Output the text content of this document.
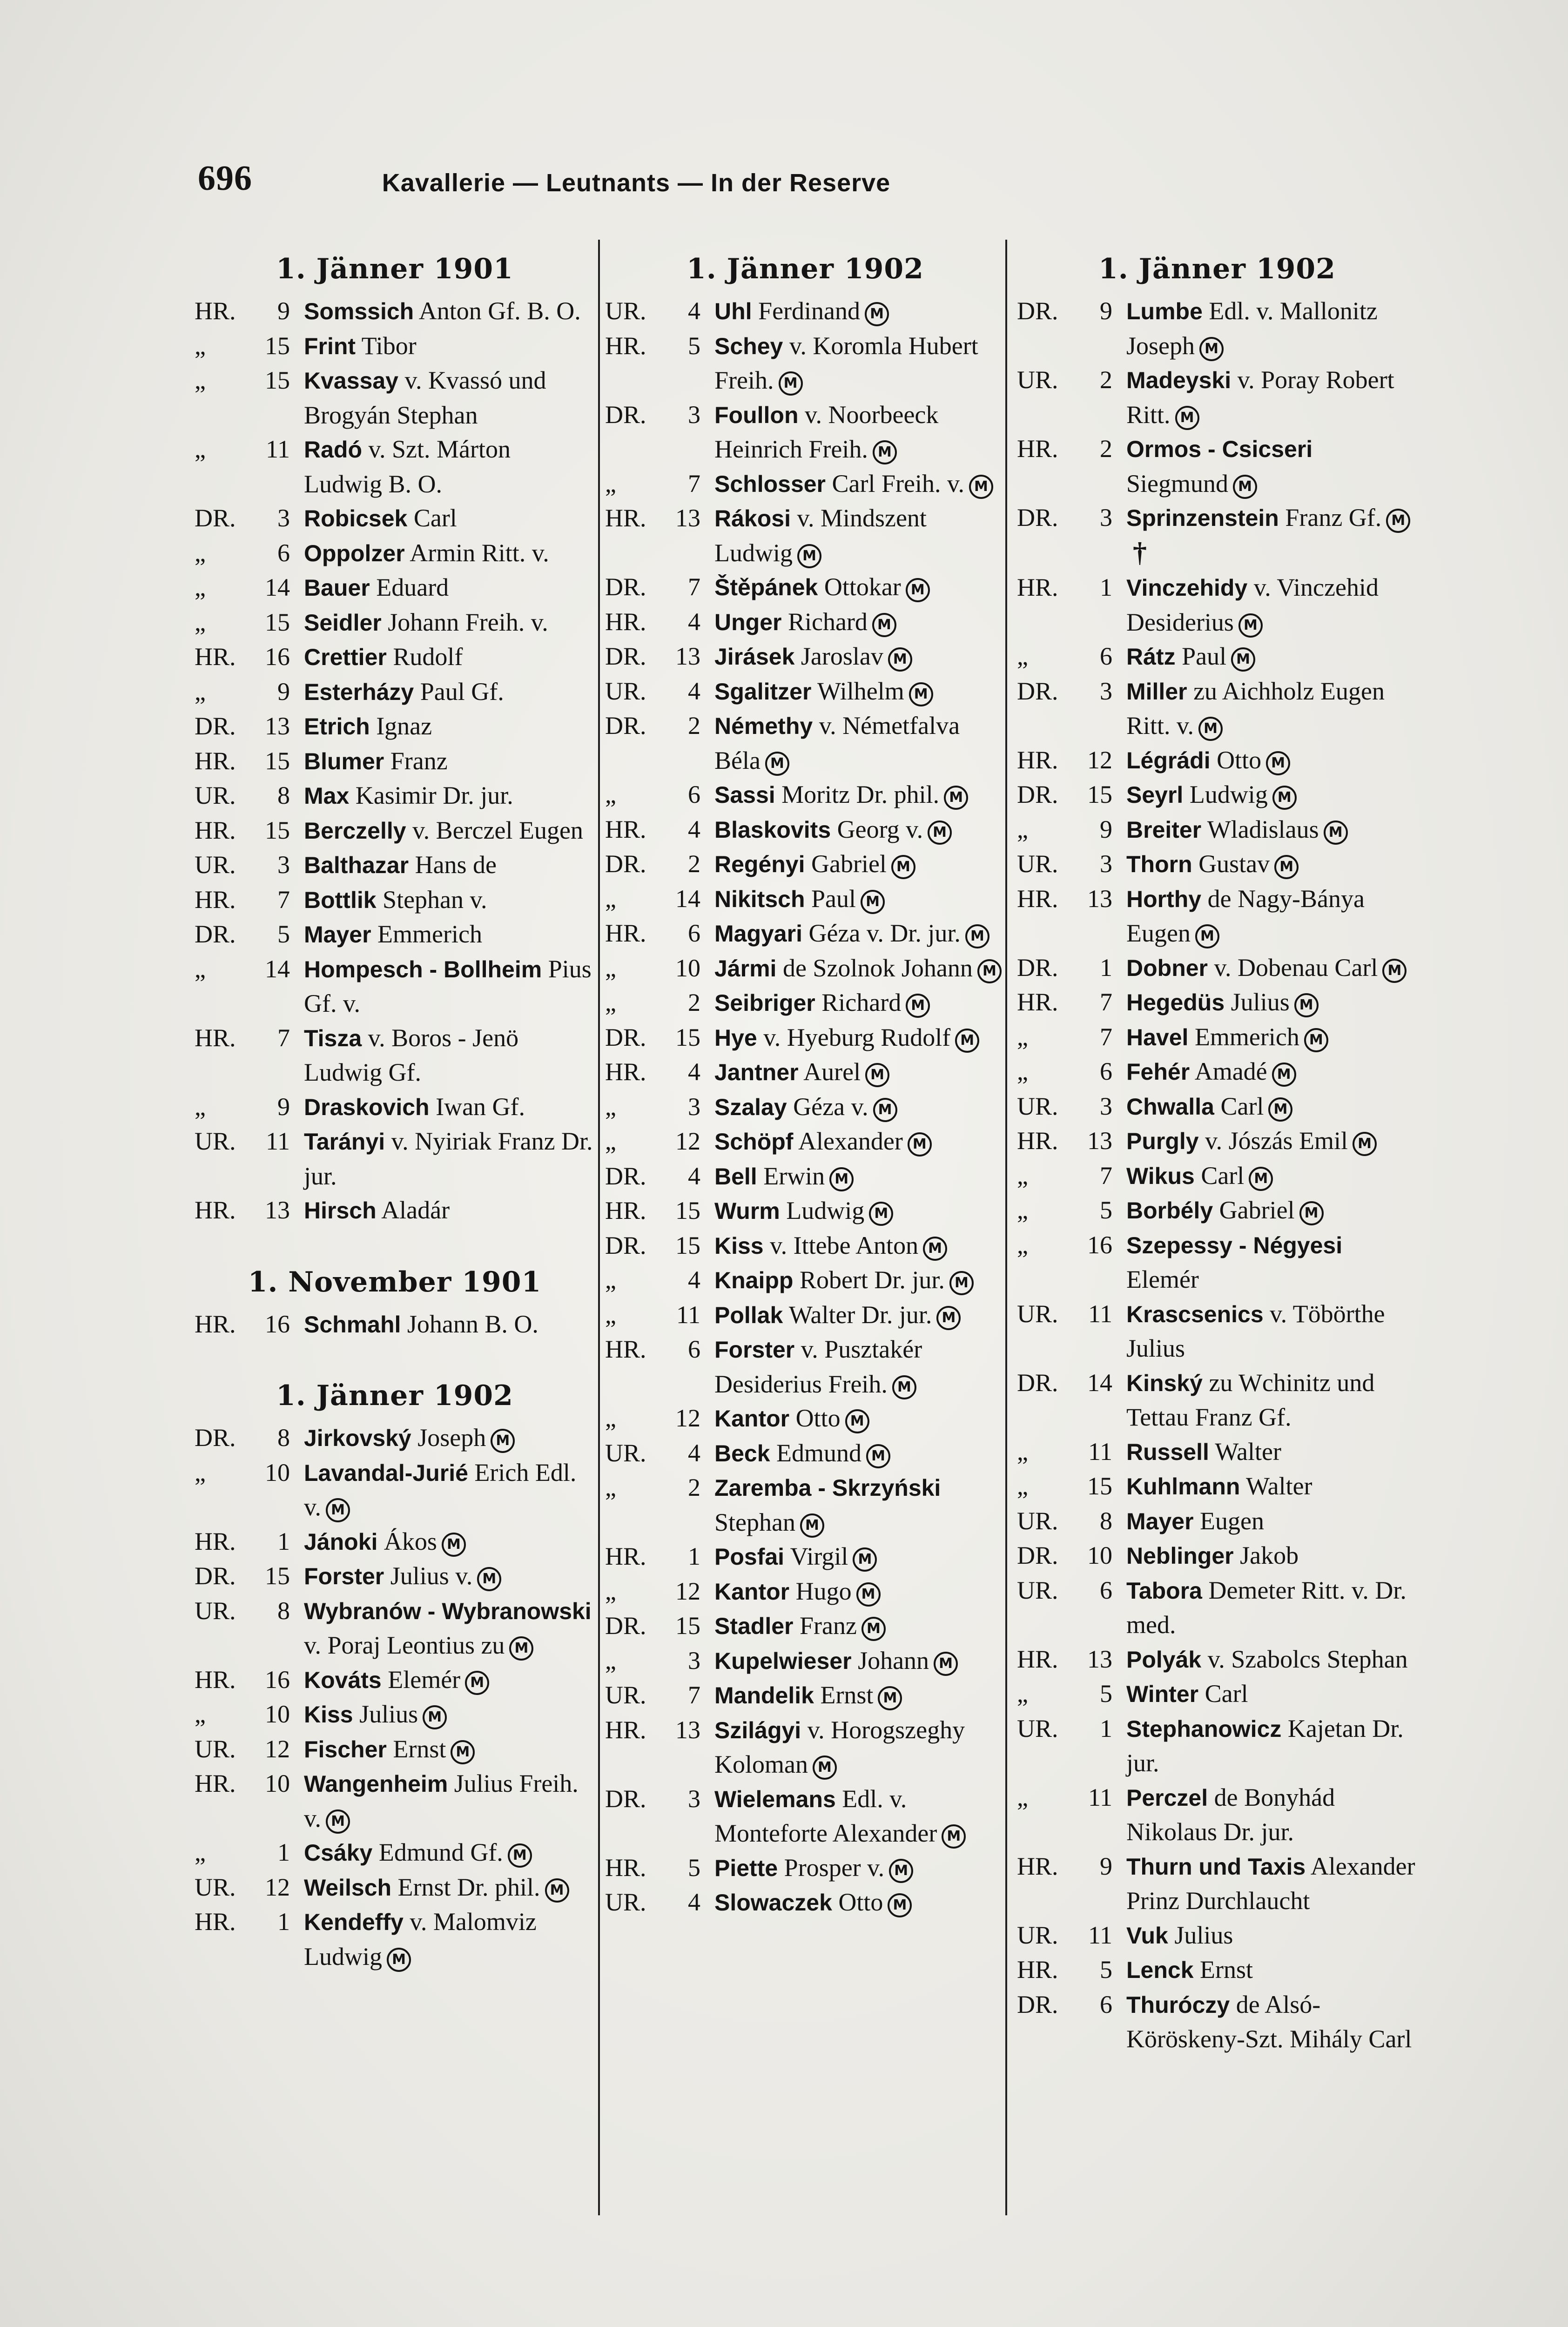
696	Kavallerie — Leutnants — In der Reserve
1. Jänner 1901
HR.	9 Somssich Anton Gf. B. O.
„	15 Frint Tibor
„	15 Kvassay v. Kvassó und Brogyán Stephan
„	11 Radó v. Szt. Márton Ludwig B. O.
DR.	3 Robicsek Carl
„	6 Oppolzer Armin Ritt. v.
„	14 Bauer Eduard
„	15 Seidler Johann Freih. v.
HR.	16 Crettier Rudolf
„	9 Esterházy Paul Gf.
DR.	13 Etrich Ignaz
HR.	15 Blumer Franz
UR.	8 Max Kasimir Dr. jur.
HR.	15 Berczelly v. Berczel Eugen
UR.	3 Balthazar Hans de
HR.	7 Bottlik Stephan v.
DR.	5 Mayer Emmerich
„	14 Hompesch - Bollheim Pius Gf. v.
HR.	7 Tisza v. Boros - Jenö Ludwig Gf.
„	9 Draskovich Iwan Gf.
UR.	11 Tarányi v. Nyiriak Franz Dr. jur.
HR.	13 Hirsch Aladár
1. November 1901
HR.	16 Schmahl Johann B. O.
1. Jänner 1902
DR.	8 Jirkovský Joseph M
„	10 Lavandal-Jurié Erich Edl. v. M
HR.	1 Jánoki Ákos M
DR.	15 Forster Julius v. M
UR.	8 Wybranów - Wybranowski v. Poraj Leontius zu M
HR.	16 Kováts Elemér M
„	10 Kiss Julius M
UR.	12 Fischer Ernst M
HR.	10 Wangenheim Julius Freih. v. M
„	1 Csáky Edmund Gf. M
UR.	12 Weilsch Ernst Dr. phil. M
HR.	1 Kendeffy v. Malomviz Ludwig M
1. Jänner 1902
UR.	4 Uhl Ferdinand M
HR.	5 Schey v. Koromla Hubert Freih. M
DR.	3 Foullon v. Noorbeeck Heinrich Freih. M
„	7 Schlosser Carl Freih. v. M
HR.	13 Rákosi v. Mindszent Ludwig M
DR.	7 Štěpánek Ottokar M
HR.	4 Unger Richard M
DR.	13 Jirásek Jaroslav M
UR.	4 Sgalitzer Wilhelm M
DR.	2 Némethy v. Németfalva Béla M
„	6 Sassi Moritz Dr. phil. M
HR.	4 Blaskovits Georg v. M
DR.	2 Regényi Gabriel M
„	14 Nikitsch Paul M
HR.	6 Magyari Géza v. Dr. jur. M
„	10 Jármi de Szolnok Johann M
„	2 Seibriger Richard M
DR.	15 Hye v. Hyeburg Rudolf M
HR.	4 Jantner Aurel M
„	3 Szalay Géza v. M
„	12 Schöpf Alexander M
DR.	4 Bell Erwin M
HR.	15 Wurm Ludwig M
DR.	15 Kiss v. Ittebe Anton M
„	4 Knaipp Robert Dr. jur. M
„	11 Pollak Walter Dr. jur. M
HR.	6 Forster v. Pusztakér Desiderius Freih. M
„	12 Kantor Otto M
UR.	4 Beck Edmund M
„	2 Zaremba - Skrzyński Stephan M
HR.	1 Posfai Virgil M
„	12 Kantor Hugo M
DR.	15 Stadler Franz M
„	3 Kupelwieser Johann M
UR.	7 Mandelik Ernst M
HR.	13 Szilágyi v. Horogszeghy Koloman M
DR.	3 Wielemans Edl. v. Monteforte Alexander M
HR.	5 Piette Prosper v. M
UR.	4 Slowaczek Otto M
1. Jänner 1902
DR.	9 Lumbe Edl. v. Mallonitz Joseph M
UR.	2 Madeyski v. Poray Robert Ritt. M
HR.	2 Ormos - Csicseri Siegmund M
DR.	3 Sprinzenstein Franz Gf. M†
HR.	1 Vinczehidy v. Vinczehid Desiderius M
„	6 Rátz Paul M
DR.	3 Miller zu Aichholz Eugen Ritt. v. M
HR.	12 Légrádi Otto M
DR.	15 Seyrl Ludwig M
„	9 Breiter Wladislaus M
UR.	3 Thorn Gustav M
HR.	13 Horthy de Nagy-Bánya Eugen M
DR.	1 Dobner v. Dobenau Carl M
HR.	7 Hegedüs Julius M
„	7 Havel Emmerich M
„	6 Fehér Amadé M
UR.	3 Chwalla Carl M
HR.	13 Purgly v. Jószás Emil M
„	7 Wikus Carl M
„	5 Borbély Gabriel M
„	16 Szepessy - Négyesi Elemér
UR.	11 Krascsenics v. Töbörthe Julius
DR.	14 Kinský zu Wchinitz und Tettau Franz Gf.
„	11 Russell Walter
„	15 Kuhlmann Walter
UR.	8 Mayer Eugen
DR.	10 Neblinger Jakob
UR.	6 Tabora Demeter Ritt. v. Dr. med.
HR.	13 Polyák v. Szabolcs Stephan
„	5 Winter Carl
UR.	1 Stephanowicz Kajetan Dr. jur.
„	11 Perczel de Bonyhád Nikolaus Dr. jur.
HR.	9 Thurn und Taxis Alexander Prinz Durchlaucht
UR.	11 Vuk Julius
HR.	5 Lenck Ernst
DR.	6 Thuróczy de Alsó-Köröskeny-Szt. Mihály Carl
